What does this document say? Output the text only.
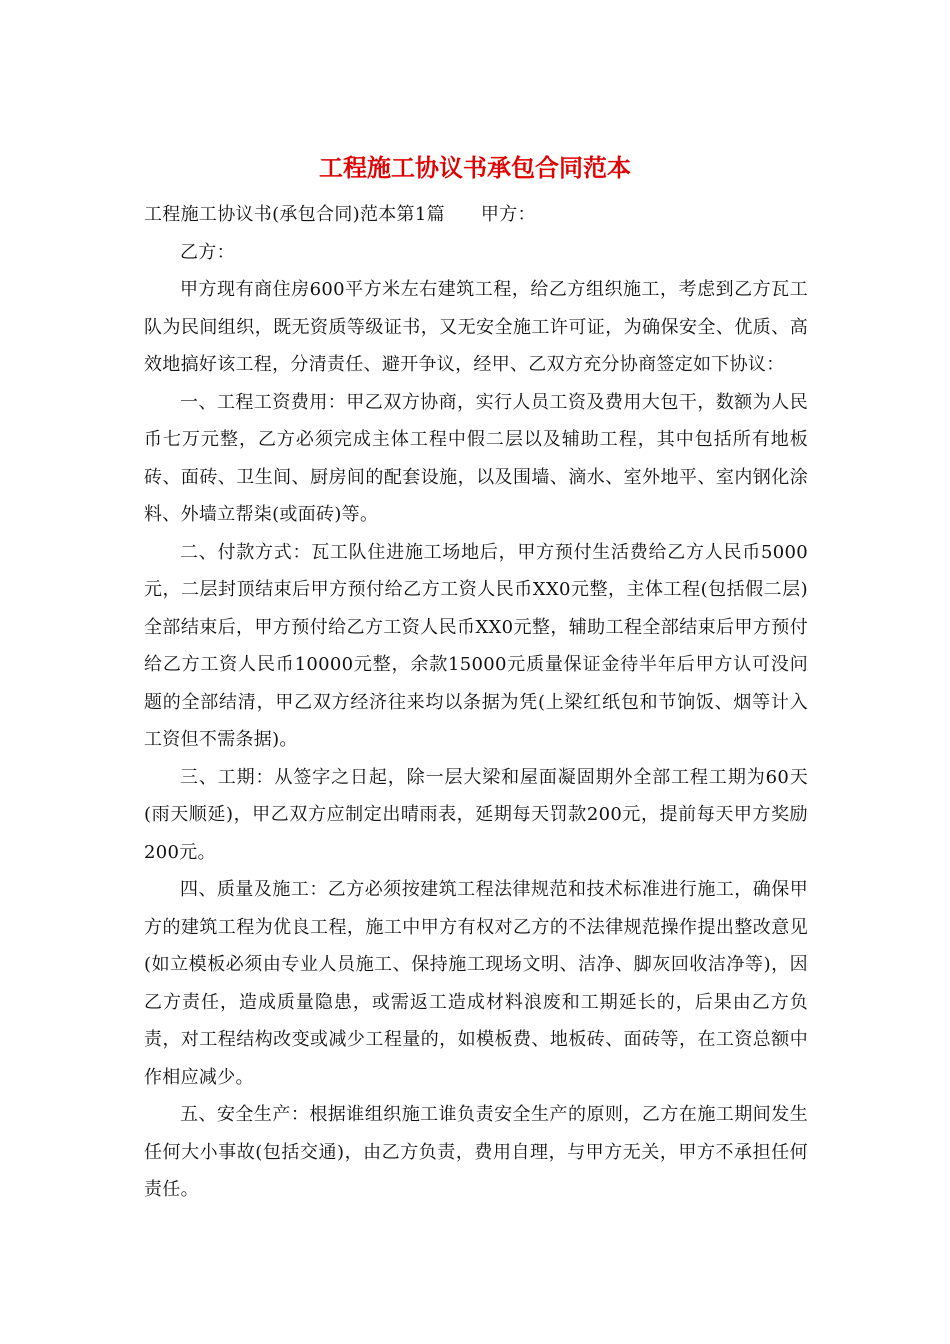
工程施工协议书承包合同范本

工程施工协议书(承包合同)范本第1篇 甲方：

乙方：

甲方现有商住房600平方米左右建筑工程，给乙方组织施工，考虑到乙方瓦工队为民间组织，既无资质等级证书，又无安全施工许可证，为确保安全、优质、高效地搞好该工程，分清责任、避开争议，经甲、乙双方充分协商签定如下协议：

一、工程工资费用：甲乙双方协商，实行人员工资及费用大包干，数额为人民币七万元整，乙方必须完成主体工程中假二层以及辅助工程，其中包括所有地板砖、面砖、卫生间、厨房间的配套设施，以及围墙、滴水、室外地平、室内钢化涂料、外墙立帮柒(或面砖)等。

二、付款方式：瓦工队住进施工场地后，甲方预付生活费给乙方人民币5000元，二层封顶结束后甲方预付给乙方工资人民币XX0元整，主体工程(包括假二层)全部结束后，甲方预付给乙方工资人民币XX0元整，辅助工程全部结束后甲方预付给乙方工资人民币10000元整，余款15000元质量保证金待半年后甲方认可没问题的全部结清，甲乙双方经济往来均以条据为凭(上梁红纸包和节饷饭、烟等计入工资但不需条据)。

三、工期：从签字之日起，除一层大梁和屋面凝固期外全部工程工期为60天(雨天顺延)，甲乙双方应制定出晴雨表，延期每天罚款200元，提前每天甲方奖励200元。

四、质量及施工：乙方必须按建筑工程法律规范和技术标准进行施工，确保甲方的建筑工程为优良工程，施工中甲方有权对乙方的不法律规范操作提出整改意见(如立模板必须由专业人员施工、保持施工现场文明、洁净、脚灰回收洁净等)，因乙方责任，造成质量隐患，或需返工造成材料浪废和工期延长的，后果由乙方负责，对工程结构改变或减少工程量的，如模板费、地板砖、面砖等，在工资总额中作相应减少。

五、安全生产：根据谁组织施工谁负责安全生产的原则，乙方在施工期间发生任何大小事故(包括交通)，由乙方负责，费用自理，与甲方无关，甲方不承担任何责任。
